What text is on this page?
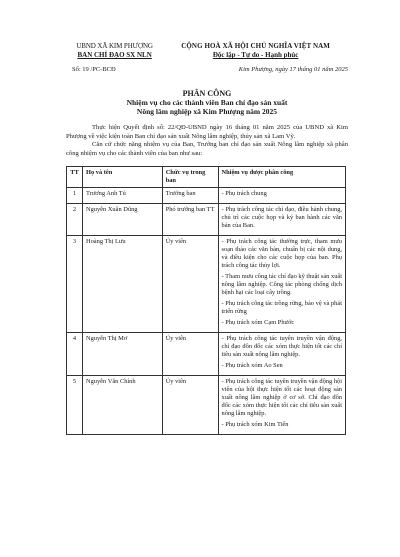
UBND XÃ KIM PHƯỢNG
BAN CHỈ ĐẠO SX NLN
CỘNG HOÀ XÃ HỘI CHỦ NGHĨA VIỆT NAM
Độc lập - Tự do - Hạnh phúc
Số: 19 /PC-BCĐ	Kim Phượng, ngày 17 tháng 01 năm 2025
PHÂN CÔNG
Nhiệm vụ cho các thành viên Ban chỉ đạo sản xuất
Nông lâm nghiệp xã Kim Phượng năm 2025

Thực hiện Quyết định số: 22/QĐ-UBND ngày 16 tháng 01 năm 2025 của UBND xã Kim Phượng về việc kiện toàn Ban chỉ đạo sản xuất Nông lâm nghiệp, thủy sản xã Lam Vỹ.

Căn cứ chức năng nhiệm vụ của Ban, Trưởng ban chỉ đạo sản xuất Nông lâm nghiệp xã phân công nhiệm vụ cho các thành viên của ban như sau:

TT	Họ và tên	Chức vụ trong ban	Nhiệm vụ được phân công
1	Trương Anh Tú	Trưởng ban	- Phụ trách chung

2	Nguyễn Xuân Dũng	Phó trưởng ban TT	- Phụ trách công tác chỉ đạo, điều hành chung, chủ trì các cuộc họp và ký ban hành các văn bản của Ban.

3	Hoàng Thị Lưu	Ủy viên	- Phụ trách công tác thường trực, tham mưu soạn thảo các văn bản, chuẩn bị các nội dung, và điều kiện cho các cuộc họp của ban. Phụ trách công tác thủy lợi.
- Tham mưu công tác chỉ đạo kỹ thuật sản xuất nông lâm nghiệp. Công tác phòng chống dịch bệnh hại các loại cây trồng.
- Phụ trách công tác trồng rừng, bảo vệ và phát triển rừng
- Phụ trách xóm Cạm Phước

4	Nguyễn Thị Mơ	Ủy viên	- Phụ trách công tác tuyên truyền vận động, chỉ đạo đôn đốc các xóm thực hiện tốt các chỉ tiêu sản xuất nông lâm nghiệp.
- Phụ trách xóm Ao Sen

5	Nguyễn Văn Chính	Ủy viên	- Phụ trách công tác tuyên truyền vận động hội viên của hội thực hiện tốt các hoạt động sản xuất nông lâm nghiệp ở cơ sở. Chỉ đạo đôn đốc các xóm thực hiện tốt các chỉ tiêu sản xuất nông lâm nghiệp.
- Phụ trách xóm Kim Tiến
